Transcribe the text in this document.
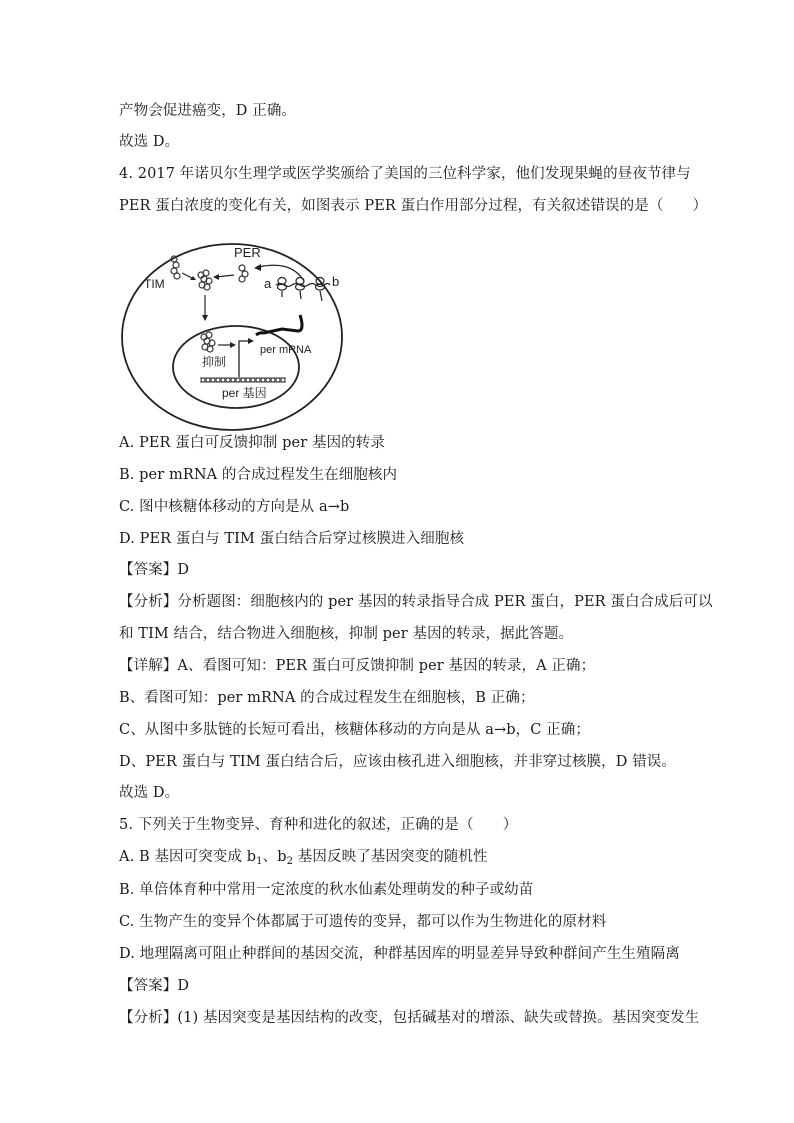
产物会促进癌变，D 正确。
故选 D。
4. 2017 年诺贝尔生理学或医学奖颁给了美国的三位科学家，他们发现果蝇的昼夜节律与
PER 蛋白浓度的变化有关，如图表示 PER 蛋白作用部分过程，有关叙述错误的是（　　）
TIM
PER
a	b
抑制
per mRNA
per 基因
A. PER 蛋白可反馈抑制 per 基因的转录
B. per mRNA 的合成过程发生在细胞核内
C. 图中核糖体移动的方向是从 a→b
D. PER 蛋白与 TIM 蛋白结合后穿过核膜进入细胞核
【答案】D
【分析】分析题图：细胞核内的 per 基因的转录指导合成 PER 蛋白，PER 蛋白合成后可以
和 TIM 结合，结合物进入细胞核，抑制 per 基因的转录，据此答题。
【详解】A、看图可知：PER 蛋白可反馈抑制 per 基因的转录，A 正确；
B、看图可知：per mRNA 的合成过程发生在细胞核，B 正确；
C、从图中多肽链的长短可看出，核糖体移动的方向是从 a→b，C 正确；
D、PER 蛋白与 TIM 蛋白结合后，应该由核孔进入细胞核，并非穿过核膜，D 错误。
故选 D。
5. 下列关于生物变异、育种和进化的叙述，正确的是（　　）
A. B 基因可突变成 $b_1$、$b_2$ 基因反映了基因突变的随机性
B. 单倍体育种中常用一定浓度的秋水仙素处理萌发的种子或幼苗
C. 生物产生的变异个体都属于可遗传的变异，都可以作为生物进化的原材料
D. 地理隔离可阻止种群间的基因交流，种群基因库的明显差异导致种群间产生生殖隔离
【答案】D
【分析】(1) 基因突变是基因结构的改变，包括碱基对的增添、缺失或替换。基因突变发生
